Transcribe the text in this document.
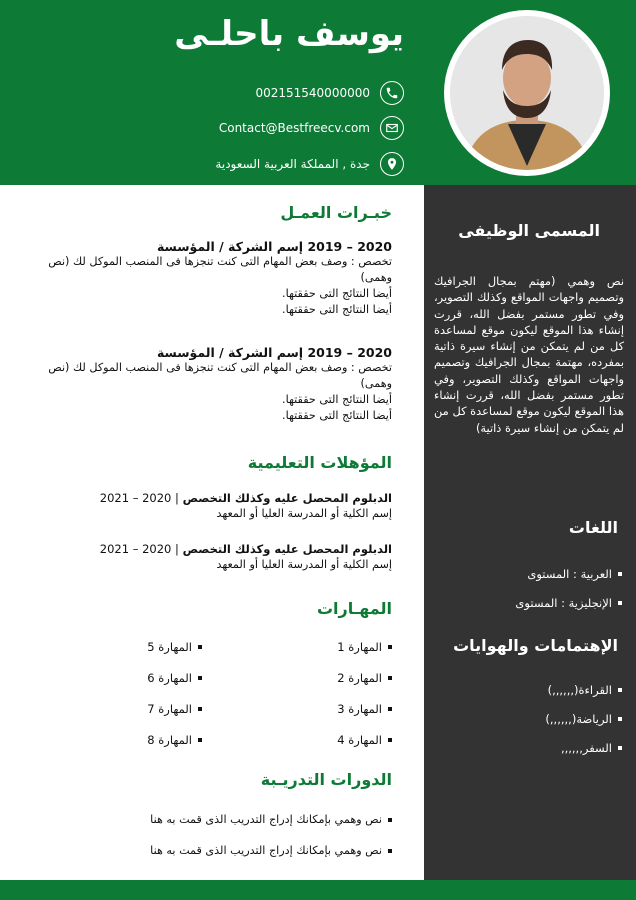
يوسف باحلـى
002151540000000
Contact@Bestfreecv.com
جدة , المملكة العربية السعودية
المسمى الوظيفى
نص وهمي (مهتم بمجال الجرافيك وتصميم واجهات المواقع وكذلك التصوير، وفي تطور مستمر بفضل الله، قررت إنشاء هذا الموقع ليكون موقع لمساعدة كل من لم يتمكن من إنشاء سيرة ذاتية بمفرده، مهتمة بمجال الجرافيك وتصميم واجهات المواقع وكذلك التصوير، وفي تطور مستمر بفضل الله، قررت إنشاء هذا الموقع ليكون موقع لمساعدة كل من لم يتمكن من إنشاء سيرة ذاتية)
اللغات
العربية : المستوى
الإنجليزية : المستوى
الإهتمامات والهوايات
القراءة(,,,,,,)
الرياضة(,,,,,,)
السفر,,,,,,
خبـرات العمـل
2020 – 2019 إسم الشركة / المؤسسة
تخصص : وصف بعض المهام التى كنت تنجزها فى المنصب الموكل لك (نص وهمى)
أيضا النتائج التى حققتها.
أيضا النتائج التى حققتها.
2020 – 2019 إسم الشركة / المؤسسة
تخصص : وصف بعض المهام التى كنت تنجزها فى المنصب الموكل لك (نص وهمى)
أيضا النتائج التى حققتها.
أيضا النتائج التى حققتها.
المؤهلات التعليمية
الدبلوم المحصل عليه وكذلك التخصص | 2020 – 2021
إسم الكلية أو المدرسة العليا أو المعهد
الدبلوم المحصل عليه وكذلك التخصص | 2020 – 2021
إسم الكلية أو المدرسة العليا أو المعهد
المهـارات
المهارة 1
المهارة 2
المهارة 3
المهارة 4
المهارة 5
المهارة 6
المهارة 7
المهارة 8
الدورات التدريـبة
نص وهمي بإمكانك إدراج التدريب الذى قمت به هنا
نص وهمي بإمكانك إدراج التدريب الذى قمت به هنا
